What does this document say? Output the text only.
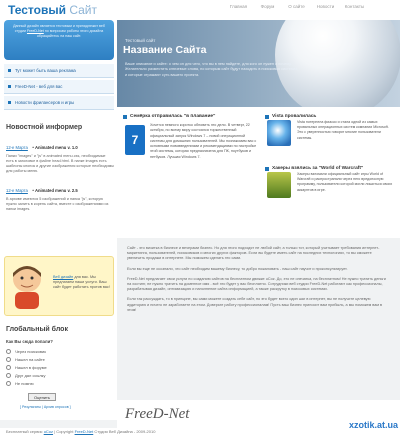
Тестовый Сайт	Главная	Форум	О сайте	Новости	Контакты

Данный дизайн является тестовым и принадлежит веб студии FreeD-Net по вопросам работы этого дизайна обращайтесь на наш сайт.

Тут может быть ваша реклама
FreeD-Net - веб для вас
Новости фрилансеров и игры
Новостной информер
12-е Марта • Animated menu v. 1.0

Папки "images" и "js" в animated menu.css, необходимые есть в заголовке в файле head.html. В папке images есть шаблоны кнопок и другие изображения которые необходимы для работы меню.

12-е Марта • Animated menu v. 2.5

В архиве имеются 5 изображений и папка "js", которую нужно залить в корень сайта, вместе с изображениями из папки images.

Веб дизайн для вас. Мы предлагаем наши услуги. Ваш сайт будет работать против вас!
Глобальный блок
Как Вы сюда попали?
Через поисковик
Нашел на сайте
Нашел в форуме
Друг дал ссылку
Не помню
Оценить
[ Результаты | Архив опросов ]
Тестовый сайт
Название Сайта
Ваше описание и сайте: о чем он для чего, что вы в нем найдете, для кого он нужен и почему. Желательно разместить ключевые слова, по которым сайт будут находить в поисковых системах, и которые отражают суть вашего проекта.
Семёрка отправилась "в плавание"
7

Хочется немного коротко обновить это дело. В четверг, 22 октября, по всему миру состоялся торжественный официальный запуск Windows 7 – новой операционной системы для домашних пользователей. Мы познакомим вас с основными нововведениями и рекомендациями по настройке этой системы, которая предназначена для ПК, ноутбуков и нетбуков. Лучшая Windows 7.

Vista провалилась
Vista потерпела фиаско и стала одной из самых провальных операционных систем компании Microsoft. Это с уверенностью говорят многие пользователи системы.
Хакеры взялись за "World of Warcraft"
Хакеры взломали официальный сайт игры World of Warcraft и распространяли через него вредоносную программу, пользователи которой могли лишиться своих аккаунтов в игре.

Сайт - это визитка в бизнесе и вечерами бизнес. Но для этого подходят не любой сайт, а только тот, который учитывает требования интернет-маркетинга, пользователей, поисковиков и многих других факторов. Если вы будете иметь сайт на последних технологиях, то вы сможете увеличить продажи в интернете. Мы поможем сделать это сами.

Если вы еще не осознали, что сайт необходим вашему бизнесу, то добро пожаловать - наш сайт научит и проконсультирует.

FreeD-Net предлагает свои услуги по созданию сайтов на бесплатном движке uCoz. До, это не опечатка, на бесплатном! Не нужно тратить деньги на хостинг, не нужно тратить на доменное имя - всё это будет у вас бесплатно. Сотрудники веб студии FreeD-Net работают как профессионалы, разрабатывая дизайн, оптимизацию и наполнение сайта информацией, а также раскрутку в поисковых системах.

Если так рассуждать, то в принципе, вы сами можете создать себе сайт, но это будет всего один шаг в интернет, вы не получите целевую аудиторию и ничего не заработаете на этом. Доверьте работу профессионалам! Пусть ваш бизнес приносит вам прибыль, а мы поможем вам в этом!

FreeD-Net
Бесплатный сервис uCoz | Copyright FreeD-Net Студия Веб Дизайна - 2009-2010
xzotik.at.ua
